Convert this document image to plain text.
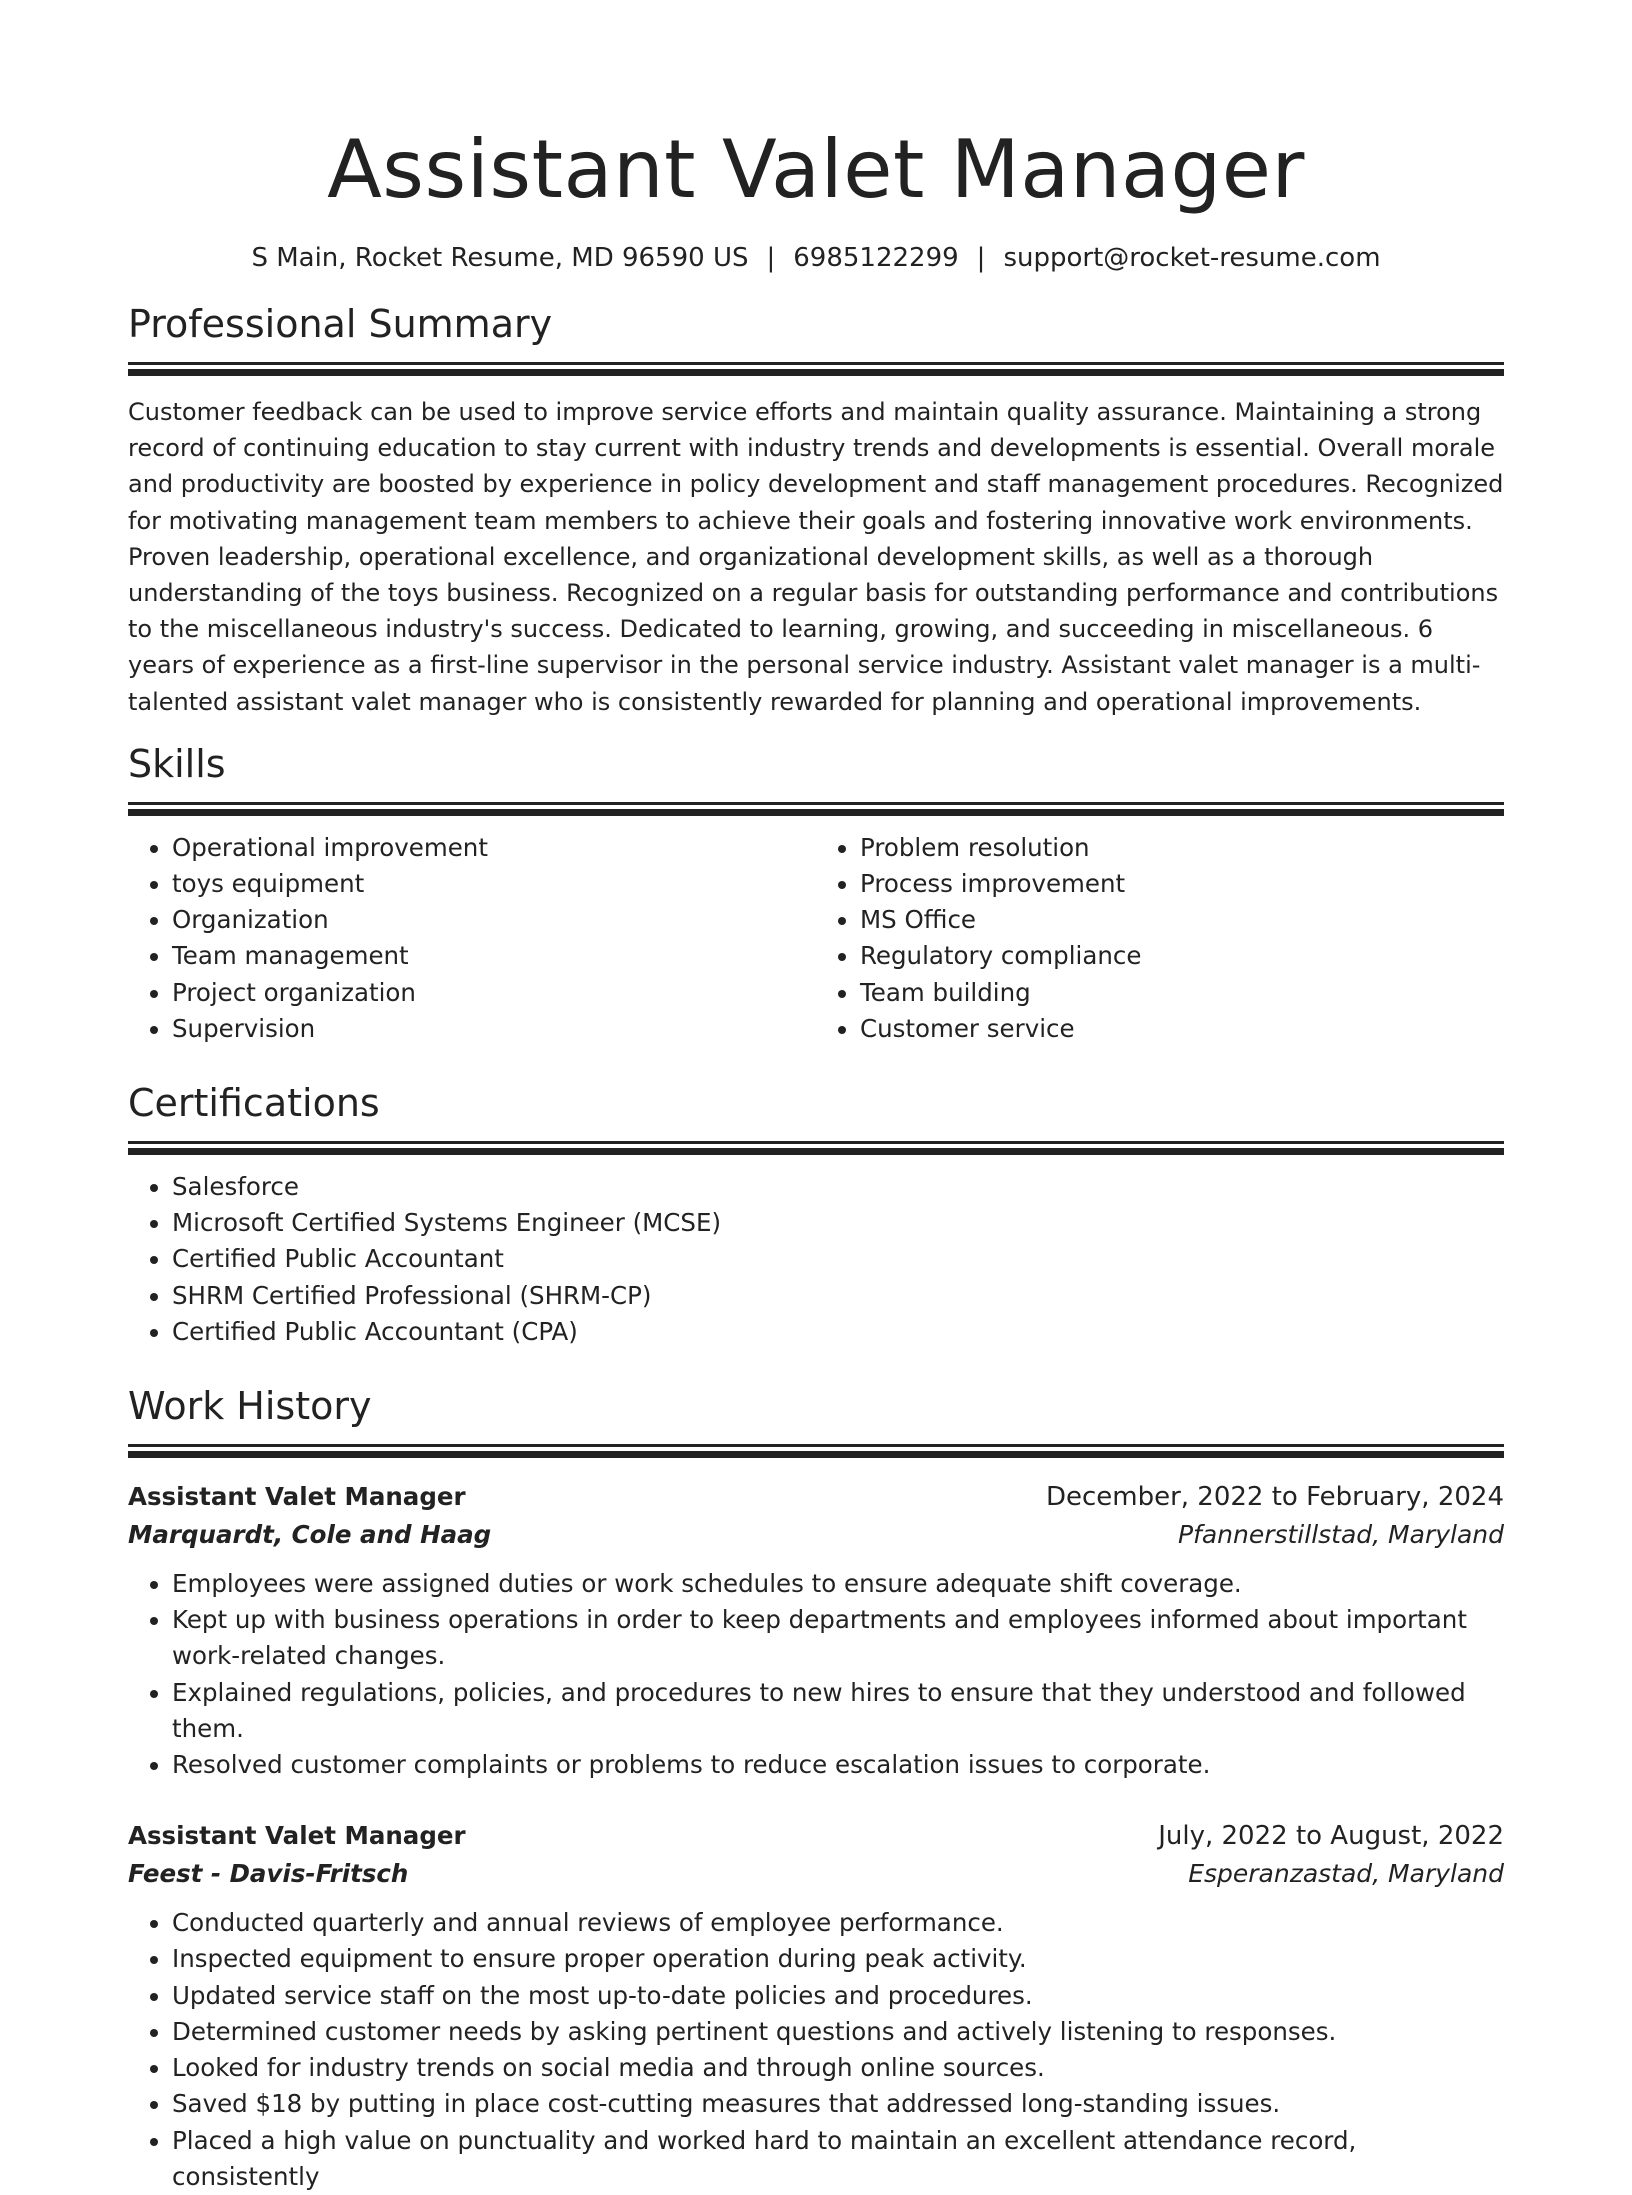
Assistant Valet Manager
S Main, Rocket Resume, MD 96590 US | 6985122299 | support@rocket-resume.com
Professional Summary

Customer feedback can be used to improve service efforts and maintain quality assurance. Maintaining a strong record of continuing education to stay current with industry trends and developments is essential. Overall morale and productivity are boosted by experience in policy development and staff management procedures. Recognized for motivating management team members to achieve their goals and fostering innovative work environments. Proven leadership, operational excellence, and organizational development skills, as well as a thorough understanding of the toys business. Recognized on a regular basis for outstanding performance and contributions to the miscellaneous industry's success. Dedicated to learning, growing, and succeeding in miscellaneous. 6 years of experience as a first-line supervisor in the personal service industry. Assistant valet manager is a multi-talented assistant valet manager who is consistently rewarded for planning and operational improvements.

Skills
• Operational improvement
• toys equipment
• Organization
• Team management
• Project organization
• Supervision
• Problem resolution
• Process improvement
• MS Office
• Regulatory compliance
• Team building
• Customer service
Certifications
• Salesforce
• Microsoft Certified Systems Engineer (MCSE)
• Certified Public Accountant
• SHRM Certified Professional (SHRM-CP)
• Certified Public Accountant (CPA)
Work History
Assistant Valet Manager	December, 2022 to February, 2024
Marquardt, Cole and Haag	Pfannerstillstad, Maryland
• Employees were assigned duties or work schedules to ensure adequate shift coverage.
• Kept up with business operations in order to keep departments and employees informed about important work-related changes.
• Explained regulations, policies, and procedures to new hires to ensure that they understood and followed them.
• Resolved customer complaints or problems to reduce escalation issues to corporate.
Assistant Valet Manager	July, 2022 to August, 2022
Feest - Davis-Fritsch	Esperanzastad, Maryland
• Conducted quarterly and annual reviews of employee performance.
• Inspected equipment to ensure proper operation during peak activity.
• Updated service staff on the most up-to-date policies and procedures.
• Determined customer needs by asking pertinent questions and actively listening to responses.
• Looked for industry trends on social media and through online sources.
• Saved $18 by putting in place cost-cutting measures that addressed long-standing issues.
• Placed a high value on punctuality and worked hard to maintain an excellent attendance record, consistently
